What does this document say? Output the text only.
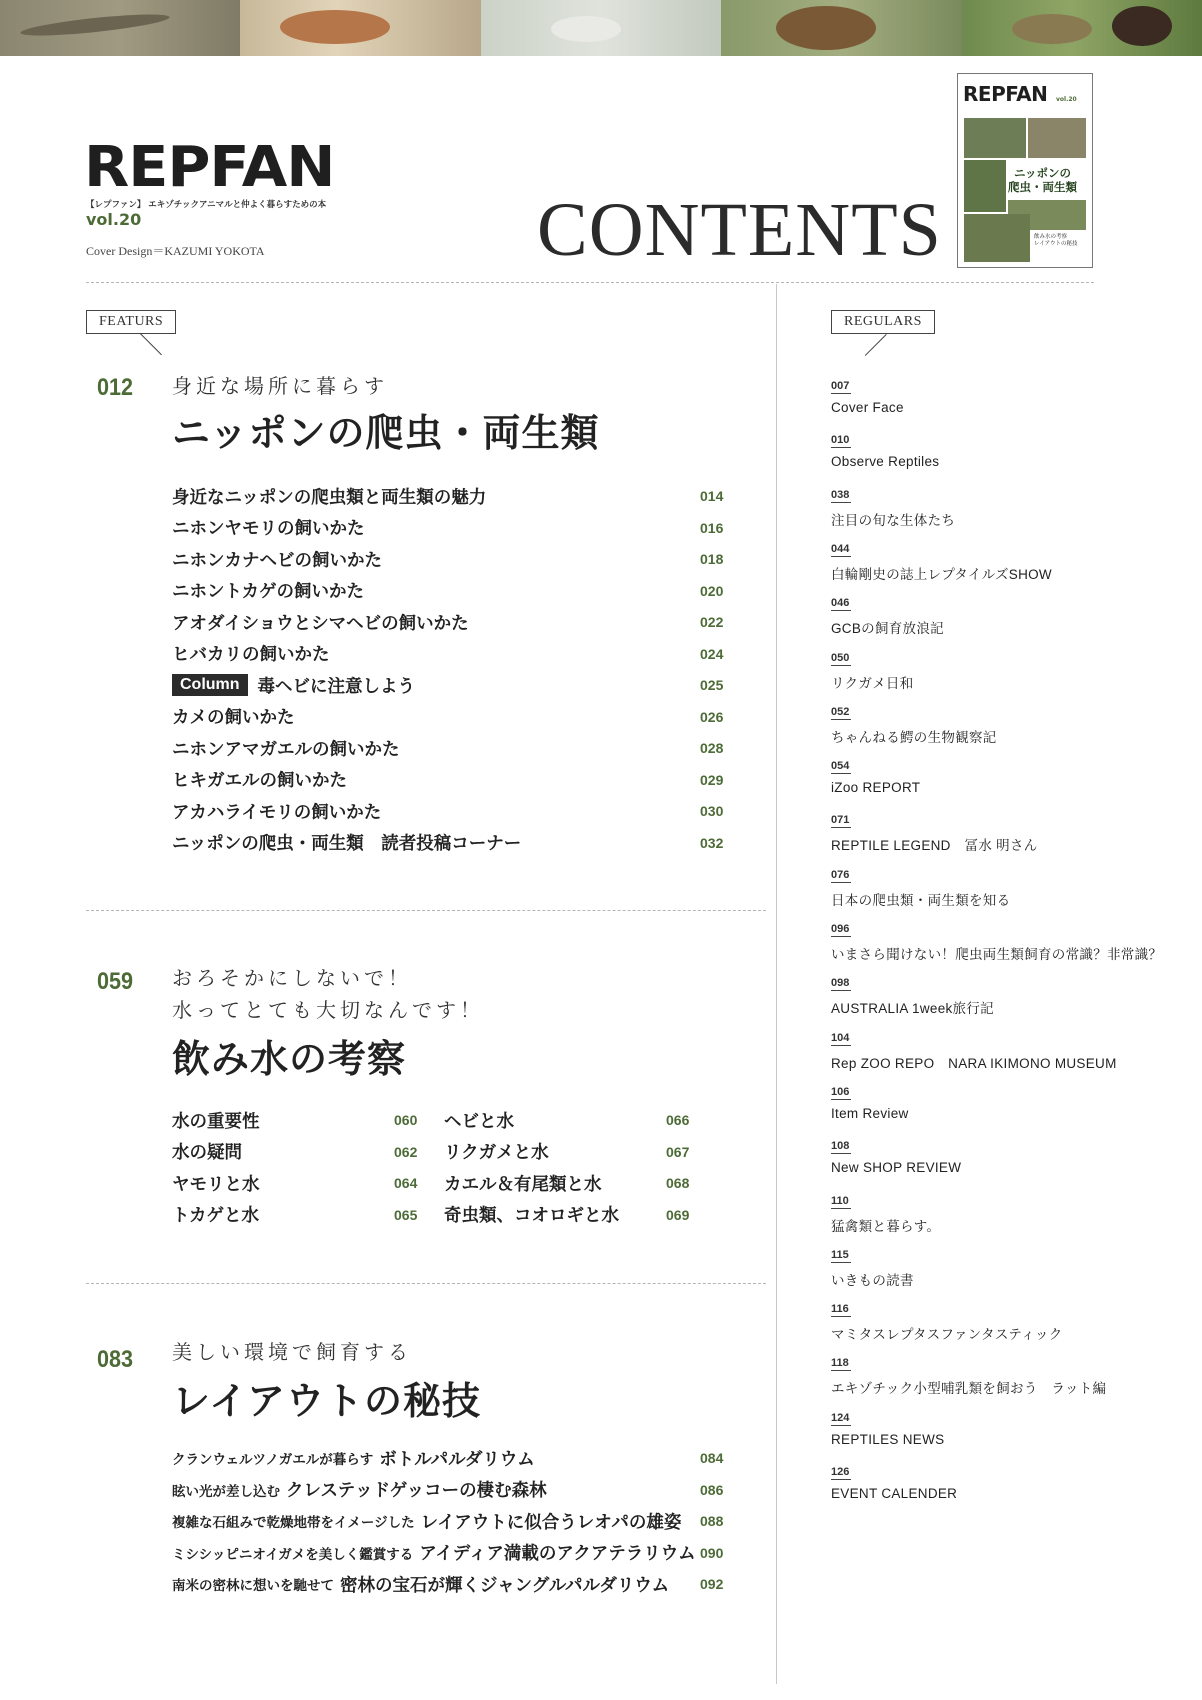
REPFAN
【レプファン】 エキゾチックアニマルと仲よく暮らすための本
vol.20
Cover Design＝KAZUMI YOKOTA	CONTENTS
REPFAN vol.20
ニッポンの
爬虫・両生類
飲み水の考察
レイアウトの秘技
FEATURS	REGULARS
012 身近な場所に暮らす
ニッポンの爬虫・両生類
身近なニッポンの爬虫類と両生類の魅力	014
ニホンヤモリの飼いかた	016
ニホンカナヘビの飼いかた	018
ニホントカゲの飼いかた	020
アオダイショウとシマヘビの飼いかた	022
ヒバカリの飼いかた	024
Column	毒ヘビに注意しよう	025
カメの飼いかた	026
ニホンアマガエルの飼いかた	028
ヒキガエルの飼いかた	029
アカハライモリの飼いかた	030
ニッポンの爬虫・両生類　読者投稿コーナー	032
059 おろそかにしないで！
水ってとても大切なんです！
飲み水の考察
水の重要性	060
水の疑問	062
ヤモリと水	064
トカゲと水	065
ヘビと水	066
リクガメと水	067
カエル＆有尾類と水	068
奇虫類、コオロギと水	069
083 美しい環境で飼育する
レイアウトの秘技
クランウェルツノガエルが暮らす ボトルパルダリウム	084
眩い光が差し込む クレステッドゲッコーの棲む森林	086
複雑な石組みで乾燥地帯をイメージした レイアウトに似合うレオパの雄姿 088
ミシシッピニオイガメを美しく鑑賞する アイディア満載のアクアテラリウム 090
南米の密林に想いを馳せて 密林の宝石が輝くジャングルパルダリウム 092
007
Cover Face
010
Observe Reptiles
038
注目の旬な生体たち
044
白輪剛史の誌上レプタイルズSHOW
046
GCBの飼育放浪記
050
リクガメ日和
052
ちゃんねる鰐の生物観察記
054
iZoo REPORT
071
REPTILE LEGEND　冨水 明さん
076
日本の爬虫類・両生類を知る
096
いまさら聞けない！爬虫両生類飼育の常識？非常識？
098
AUSTRALIA 1week旅行記
104
Rep ZOO REPO　NARA IKIMONO MUSEUM
106
Item Review
108
New SHOP REVIEW
110
猛禽類と暮らす。
115
いきもの読書
116
マミタスレプタスファンタスティック
118
エキゾチック小型哺乳類を飼おう　ラット編
124
REPTILES NEWS
126
EVENT CALENDER
